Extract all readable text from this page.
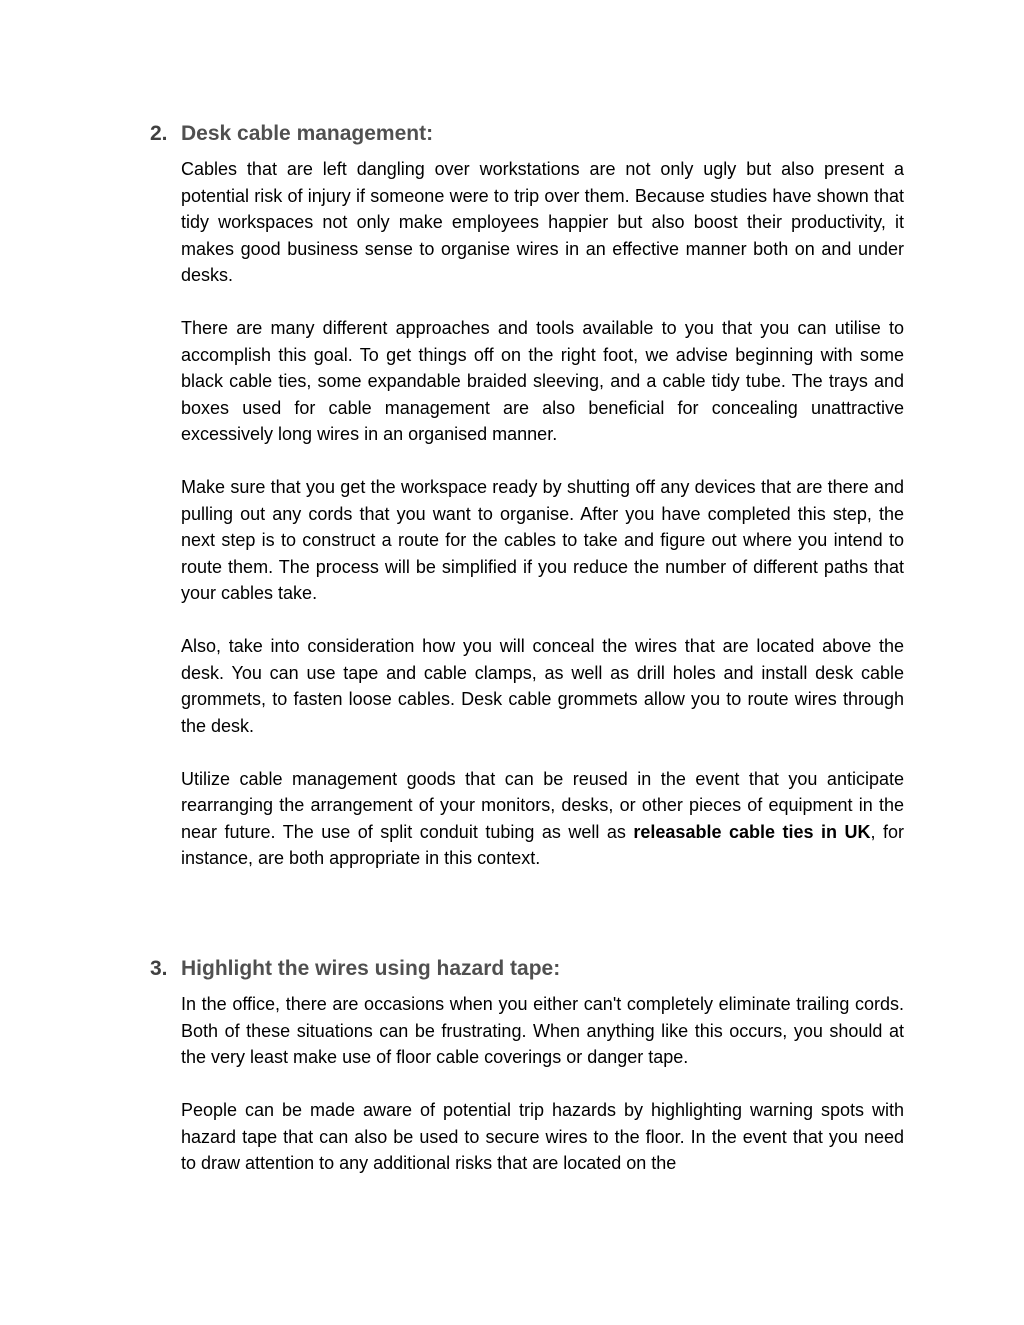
2. Desk cable management:

Cables that are left dangling over workstations are not only ugly but also present a potential risk of injury if someone were to trip over them. Because studies have shown that tidy workspaces not only make employees happier but also boost their productivity, it makes good business sense to organise wires in an effective manner both on and under desks.

There are many different approaches and tools available to you that you can utilise to accomplish this goal. To get things off on the right foot, we advise beginning with some black cable ties, some expandable braided sleeving, and a cable tidy tube. The trays and boxes used for cable management are also beneficial for concealing unattractive excessively long wires in an organised manner.

Make sure that you get the workspace ready by shutting off any devices that are there and pulling out any cords that you want to organise. After you have completed this step, the next step is to construct a route for the cables to take and figure out where you intend to route them. The process will be simplified if you reduce the number of different paths that your cables take.

Also, take into consideration how you will conceal the wires that are located above the desk. You can use tape and cable clamps, as well as drill holes and install desk cable grommets, to fasten loose cables. Desk cable grommets allow you to route wires through the desk.

Utilize cable management goods that can be reused in the event that you anticipate rearranging the arrangement of your monitors, desks, or other pieces of equipment in the near future. The use of split conduit tubing as well as releasable cable ties in UK, for instance, are both appropriate in this context.

3. Highlight the wires using hazard tape:

In the office, there are occasions when you either can't completely eliminate trailing cords. Both of these situations can be frustrating. When anything like this occurs, you should at the very least make use of floor cable coverings or danger tape.

People can be made aware of potential trip hazards by highlighting warning spots with hazard tape that can also be used to secure wires to the floor. In the event that you need to draw attention to any additional risks that are located on the
